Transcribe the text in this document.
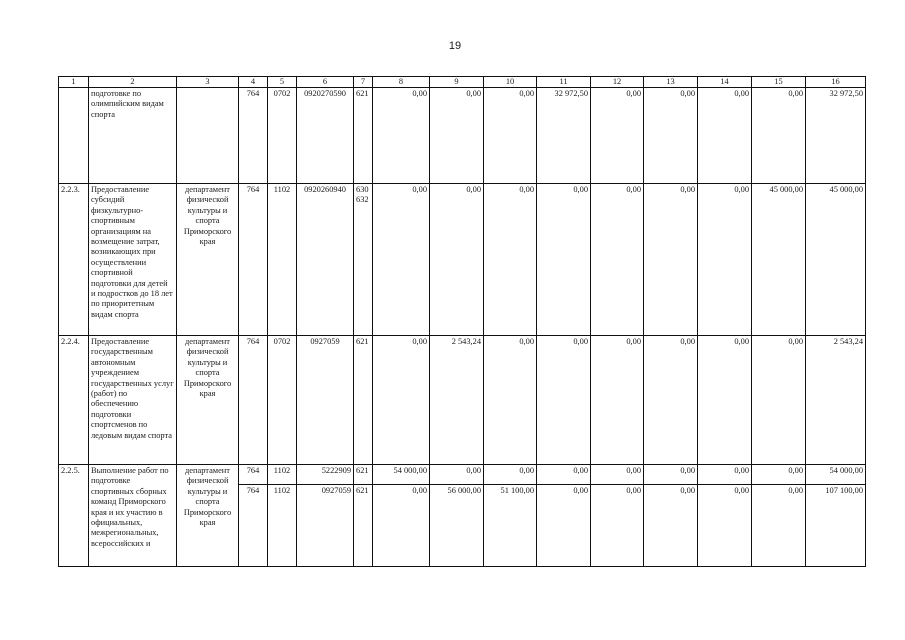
19
1	2	3	4	5	6	7	8	9	10	11	12	13	14	15	16
	подготовке по олимпийским видам спорта		764	0702	0920270590	621	0,00	0,00	0,00	32 972,50	0,00	0,00	0,00	0,00	32 972,50
2.2.3.	Предоставление субсидий физкультурно-спортивным организациям на возмещение затрат, возникающих при осуществлении спортивной подготовки для детей и подростков до 18 лет по приоритетным видам спорта	департамент физической культуры и спорта Приморского края	764	1102	0920260940	630 632	0,00	0,00	0,00	0,00	0,00	0,00	0,00	45 000,00	45 000,00
2.2.4.	Предоставление государственным автономным учреждением государственных услуг (работ) по обеспечению подготовки спортсменов по ледовым видам спорта	департамент физической культуры и спорта Приморского края	764	0702	0927059	621	0,00	2 543,24	0,00	0,00	0,00	0,00	0,00	0,00	2 543,24
2.2.5.	Выполнение работ по подготовке спортивных сборных команд Приморского края и их участию в официальных, межрегиональных, всероссийских и	департамент физической культуры и спорта Приморского края	764	1102	5222909	621	54 000,00	0,00	0,00	0,00	0,00	0,00	0,00	0,00	54 000,00
			764	1102	0927059	621	0,00	56 000,00	51 100,00	0,00	0,00	0,00	0,00	0,00	107 100,00
